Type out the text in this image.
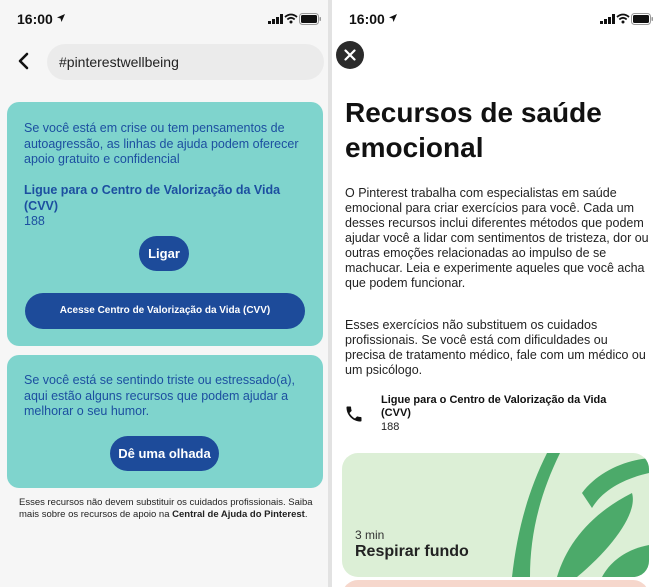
16:00
#pinterestwellbeing
Se você está em crise ou tem pensamentos de autoagressão, as linhas de ajuda podem oferecer apoio gratuito e confidencial
Ligue para o Centro de Valorização da Vida (CVV)
188
Ligar
Acesse Centro de Valorização da Vida (CVV)
Se você está se sentindo triste ou estressado(a), aqui estão alguns recursos que podem ajudar a melhorar o seu humor.
Dê uma olhada
Esses recursos não devem substituir os cuidados profissionais. Saiba mais sobre os recursos de apoio na Central de Ajuda do Pinterest.
16:00
Recursos de saúde emocional
O Pinterest trabalha com especialistas em saúde emocional para criar exercícios para você. Cada um desses recursos inclui diferentes métodos que podem ajudar você a lidar com sentimentos de tristeza, dor ou outras emoções relacionadas ao impulso de se machucar. Leia e experimente aqueles que você acha que podem funcionar.
Esses exercícios não substituem os cuidados profissionais. Se você está com dificuldades ou precisa de tratamento médico, fale com um médico ou um psicólogo.
Ligue para o Centro de Valorização da Vida (CVV)
188
3 min
Respirar fundo
